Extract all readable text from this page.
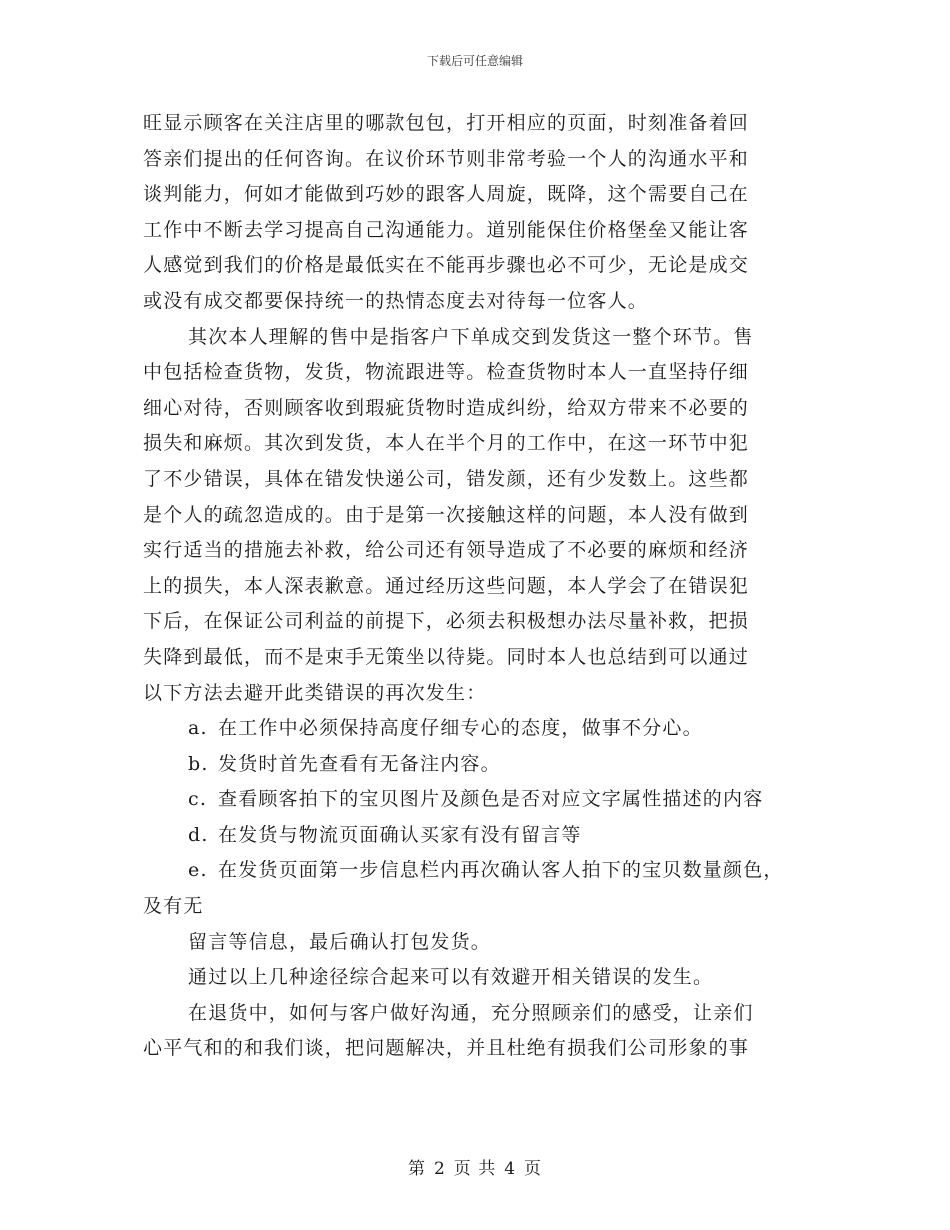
下载后可任意编辑
旺显示顾客在关注店里的哪款包包，打开相应的页面，时刻准备着回
答亲们提出的任何咨询。在议价环节则非常考验一个人的沟通水平和
谈判能力，何如才能做到巧妙的跟客人周旋，既降，这个需要自己在
工作中不断去学习提高自己沟通能力。道别能保住价格堡垒又能让客
人感觉到我们的价格是最低实在不能再步骤也必不可少，无论是成交
或没有成交都要保持统一的热情态度去对待每一位客人。
其次本人理解的售中是指客户下单成交到发货这一整个环节。售
中包括检查货物，发货，物流跟进等。检查货物时本人一直坚持仔细
细心对待，否则顾客收到瑕疵货物时造成纠纷，给双方带来不必要的
损失和麻烦。其次到发货，本人在半个月的工作中，在这一环节中犯
了不少错误，具体在错发快递公司，错发颜，还有少发数上。这些都
是个人的疏忽造成的。由于是第一次接触这样的问题，本人没有做到
实行适当的措施去补救，给公司还有领导造成了不必要的麻烦和经济
上的损失，本人深表歉意。通过经历这些问题，本人学会了在错误犯
下后，在保证公司利益的前提下，必须去积极想办法尽量补救，把损
失降到最低，而不是束手无策坐以待毙。同时本人也总结到可以通过
以下方法去避开此类错误的再次发生：
a. 在工作中必须保持高度仔细专心的态度，做事不分心。
b. 发货时首先查看有无备注内容。
c. 查看顾客拍下的宝贝图片及颜色是否对应文字属性描述的内容
d. 在发货与物流页面确认买家有没有留言等
e. 在发货页面第一步信息栏内再次确认客人拍下的宝贝数量颜色，
及有无
留言等信息，最后确认打包发货。
通过以上几种途径综合起来可以有效避开相关错误的发生。
在退货中，如何与客户做好沟通，充分照顾亲们的感受，让亲们
心平气和的和我们谈，把问题解决，并且杜绝有损我们公司形象的事
第 2 页 共 4 页
